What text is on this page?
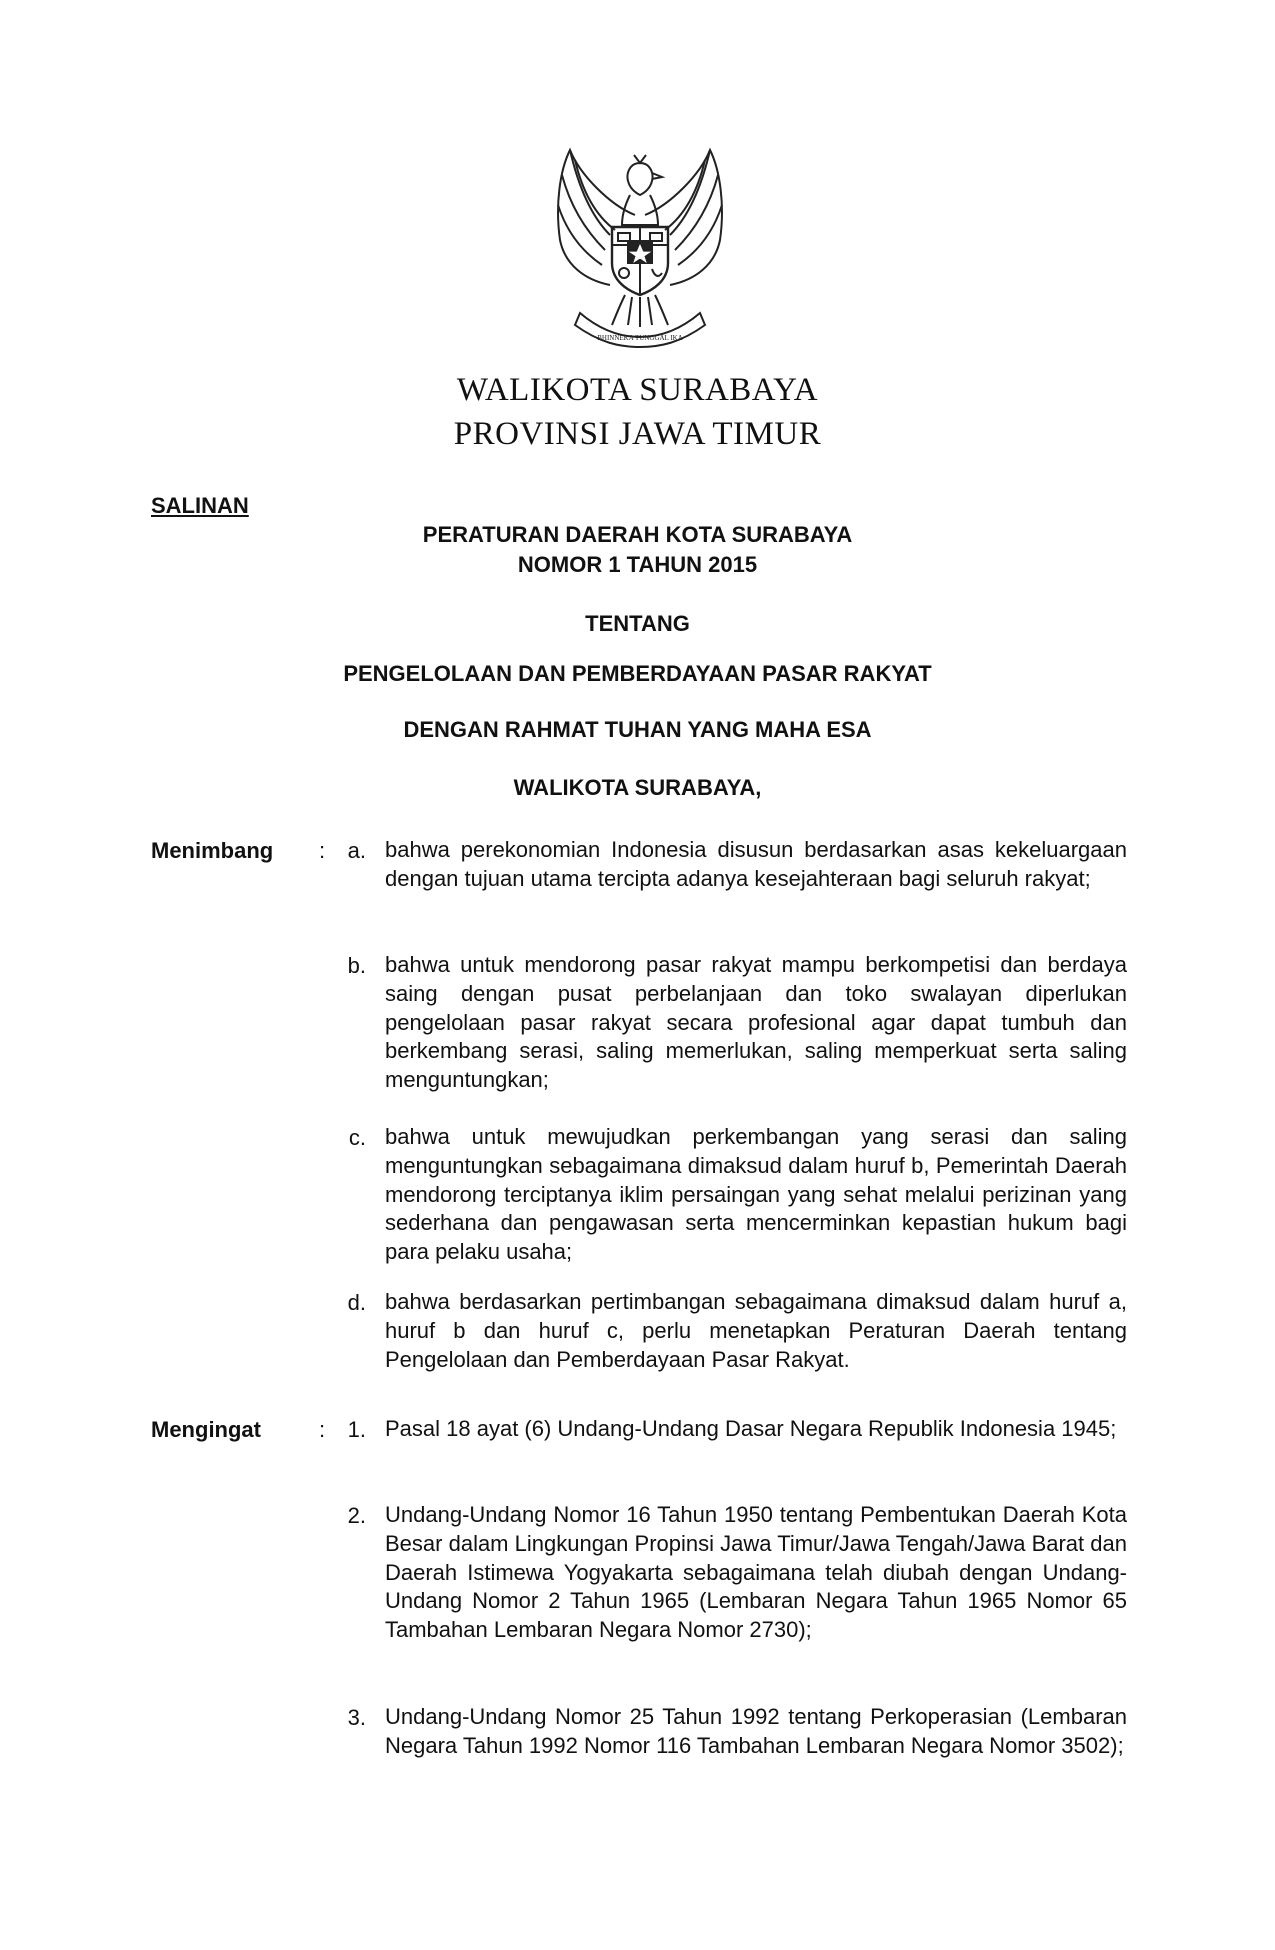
BHINNEKA TUNGGAL IKA
WALIKOTA SURABAYA
PROVINSI JAWA TIMUR
SALINAN
PERATURAN DAERAH KOTA SURABAYA
NOMOR 1 TAHUN 2015
TENTANG
PENGELOLAAN DAN PEMBERDAYAAN PASAR RAKYAT
DENGAN RAHMAT TUHAN YANG MAHA ESA
WALIKOTA SURABAYA,
Menimbang :	a. bahwa perekonomian Indonesia disusun berdasarkan asas kekeluargaan dengan tujuan utama tercipta adanya kesejahteraan bagi seluruh rakyat;
b. bahwa untuk mendorong pasar rakyat mampu berkompetisi dan berdaya saing dengan pusat perbelanjaan dan toko swalayan diperlukan pengelolaan pasar rakyat secara profesional agar dapat tumbuh dan berkembang serasi, saling memerlukan, saling memperkuat serta saling menguntungkan;
c. bahwa untuk mewujudkan perkembangan yang serasi dan saling menguntungkan sebagaimana dimaksud dalam huruf b, Pemerintah Daerah mendorong terciptanya iklim persaingan yang sehat melalui perizinan yang sederhana dan pengawasan serta mencerminkan kepastian hukum bagi para pelaku usaha;
d. bahwa berdasarkan pertimbangan sebagaimana dimaksud dalam huruf a, huruf b dan huruf c, perlu menetapkan Peraturan Daerah tentang Pengelolaan dan Pemberdayaan Pasar Rakyat.
Mengingat	:	1. Pasal 18 ayat (6) Undang-Undang Dasar Negara Republik Indonesia 1945;
2. Undang-Undang Nomor 16 Tahun 1950 tentang Pembentukan Daerah Kota Besar dalam Lingkungan Propinsi Jawa Timur/Jawa Tengah/Jawa Barat dan Daerah Istimewa Yogyakarta sebagaimana telah diubah dengan Undang-Undang Nomor 2 Tahun 1965 (Lembaran Negara Tahun 1965 Nomor 65 Tambahan Lembaran Negara Nomor 2730);
3. Undang-Undang Nomor 25 Tahun 1992 tentang Perkoperasian (Lembaran Negara Tahun 1992 Nomor 116 Tambahan Lembaran Negara Nomor 3502);
